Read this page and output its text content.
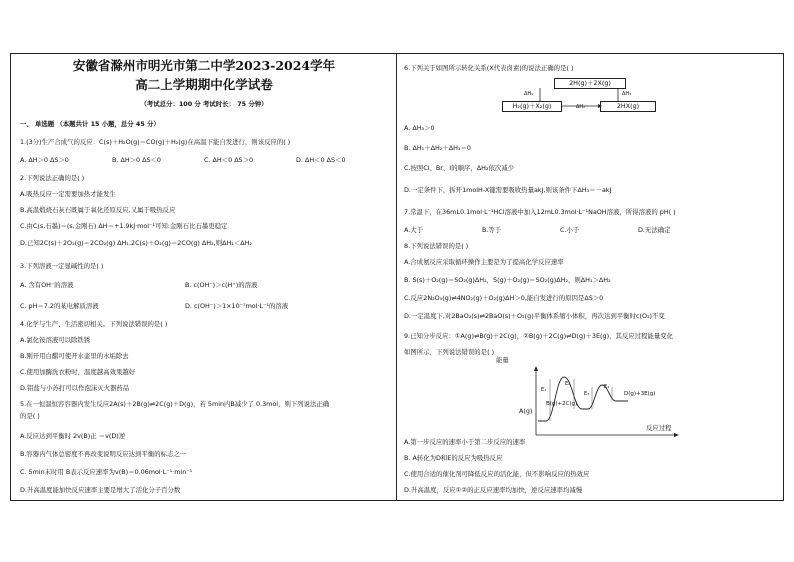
安徽省滁州市明光市第二中学2023-2024学年
高二上学期期中化学试卷
（考试总分：100 分 考试时长： 75 分钟）
一、 单选题 （本题共计 15 小题，总分 45 分）
1.(3分)生产合成气的反应：C(s)＋H₂O(g)＝CO(g)＋H₂(g)在高温下能自发进行，则该反应的( )
A. ΔH＞0 ΔS＞0	B. ΔH＞0 ΔS＜0	C. ΔH＜0 ΔS＞0	D. ΔH＜0 ΔS＜0
2.下列说法正确的是( )
A.吸热反应一定需要加热才能发生
B.高温煅烧石灰石既属于氧化还原反应,又属于吸热反应
C.由C(s,石墨)＝(s,金刚石) ΔH＝+1.9kJ·mol⁻¹可知:金刚石比石墨更稳定
D.已知2C(s)＋2O₂(g)＝2CO₂(g) ΔH₁,2C(s)＋O₂(g)＝2CO(g) ΔH₂,则ΔH₁＜ΔH₂
3.下列溶液一定显碱性的是( )
A. 含有OH⁻的溶液	B. c(OH⁻)＞c(H⁺)的溶液
C. pH＝7.2的某电解质溶液	D. c(OH⁻)＞1×10⁻⁷mol·L⁻¹的溶液
4.化学与生产、生活密切相关。下列说法错误的是( )
A.氯化铵溶液可以除铁锈
B.刚开用白醋可使开水壶里的水垢除去
C.使用加酶洗衣粉时，温度越高效果越好
D.铝盐与小苏打可以作泡沫灭火器药品
5.在一恒温恒容容器内发生反应2A(s)＋2B(g)⇌2C(g)＋D(g)，若 5min内B减少了 0.3mol，则下列说法正确
的是( )
A.反应达到平衡时 2v(B)正 ＝v(D)逆
B.容器内气体总密度不再改变说明反应达到平衡的标志之一
C. 5min末时用 B表示反应速率为v(B)＝0.06mol·L⁻¹·min⁻¹
D.升高温度能加快反应速率主要是增大了活化分子百分数
6.下列关于如图所示转化关系(X代表卤素)的说法正确的是( )
2H(g)＋2X(g)
H₂(g)＋X₂(g)	2HX(g)
ΔH₁
ΔH₂
ΔH₃
A. ΔH₃＞0
B. ΔH₁＋ΔH₂＋ΔH₃＝0
C.按照Cl、Br、I的顺序，ΔH₂依次减少
D.一定条件下，拆开1molH-X键需要吸收热量akJ,则该条件下ΔH₃＝－akJ
7.常温下，在36mL0.1mol·L⁻¹HCl溶液中加入12mL0.3mol·L⁻¹NaOH溶液，所得溶液的 pH( )
A.大于	B.等于	C.小于	D.无法确定
8.下列说法错误的是( )
A.合成氨反应采取循环操作主要是为了提高化学反应速率
B. S(s)＋O₂(g)＝SO₂(g)ΔH₁，S(g)＋O₂(g)＝SO₂(g)ΔH₂，则ΔH₁＞ΔH₂
C.反应2N₂O₅(g)⇌4NO₂(g)＋O₂(g)ΔH＞0,能自发进行的原因是ΔS＞0
D.一定温度下,对2BaO₂(s)⇌2BaO(s)＋O₂(g)平衡体系缩小体积，再次达到平衡时c(O₂)不变
9.已知分步反应：①A(g)⇌B(g)＋2C(g)，②B(g)＋2C(g)⇌D(g)＋3E(g)，其反应过程能量变化
如图所示，下列说法错误的是( )
能量
A(g)
B(g)+2C(g)
D(g)+3E(g)
E₁
E₂
E₃
E₄
反应过程
A.第一步反应的速率小于第二步反应的速率
B. A转化为D和E的反应为吸热反应
C.使用合适的催化剂可降低反应的活化能，但不影响反应的热效应
D.升高温度，反应①②的正反应速率均加快，逆反应速率均减慢
